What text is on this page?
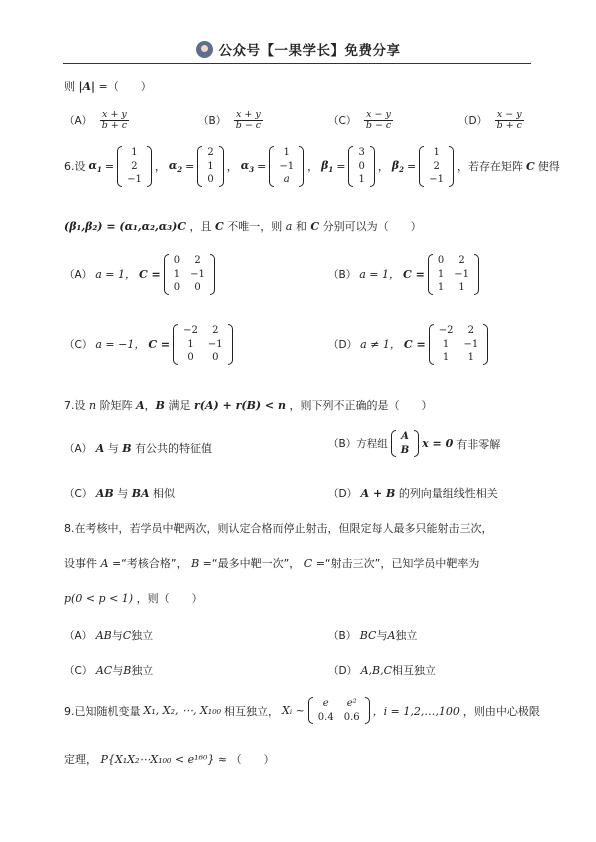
公众号【一果学长】免费分享
则 |A| =（　　）
$(A) \frac{x + y}{b + c}$	$(B) \frac{x + y}{b - c}$	$(C) \frac{x - y}{b - c}$	$(D) \frac{x - y}{b + c}$
6.设 $\alpha_1$ =
1
2
−1
， $\alpha_2$ =
2
1
0
， $\alpha_3$ =
1
−1
a
， $\beta_1$ =
3
0
1
， $\beta_2$ =
1
2
−1
，若存在矩阵 C 使得
(β₁,β₂) = (α₁,α₂,α₃)C ，且 C 不唯一，则 a 和 C 分别可以为（　　）
（A） a = 1， C =
0	2
1	−1
0	0
（B） a = 1， C =
0	2
1	−1
1	1
（C） a = −1， C =
−2	2
1	−1
0	0
（D） a ≠ 1， C =
−2	2
1	−1
1	1
7.设 n 阶矩阵 A，B 满足 r(A) + r(B) < n ，则下列不正确的是（　　）
（A） A 与 B 有公共的特征值	（B）方程组
A
B x = 0 有非零解
（C） AB 与 BA 相似	（D） A + B 的列向量组线性相关
8.在考核中，若学员中靶两次，则认定合格而停止射击，但限定每人最多只能射击三次，
设事件 A =“考核合格”， B =“最多中靶一次”， C =“射击三次”，已知学员中靶率为
p(0 < p < 1) ，则（　　）
（A） AB与C独立	（B） BC与A独立
（C） AC与B独立	（D） A,B,C相互独立
9.已知随机变量 X₁, X₂, ⋯, X₁₀₀ 相互独立， Xᵢ ~
e	e²
0.4	0.6 ，i = 1,2,…,100 ，则由中心极限
定理， P{X₁X₂⋯X₁₀₀ < e¹⁶⁰} ≈ （　　）
